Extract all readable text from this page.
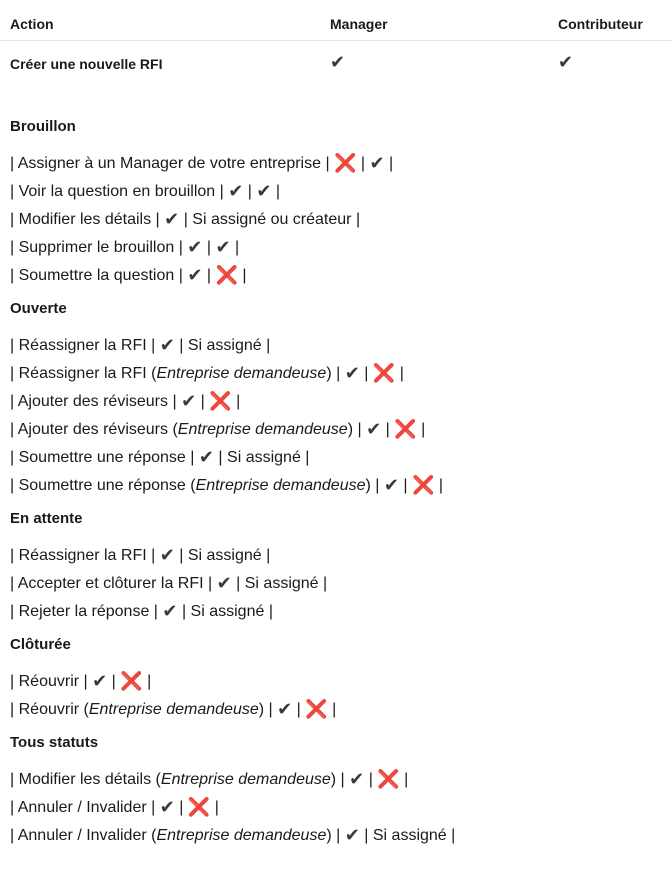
Action	Manager	Contributeur
Créer une nouvelle RFI	✔	✔
Brouillon
| Assigner à un Manager de votre entreprise | ❌ | ✔ |
| Voir la question en brouillon | ✔ | ✔ |
| Modifier les détails | ✔ | Si assigné ou créateur |
| Supprimer le brouillon | ✔ | ✔ |
| Soumettre la question | ✔ | ❌ |
Ouverte
| Réassigner la RFI | ✔ | Si assigné |
| Réassigner la RFI (Entreprise demandeuse) | ✔ | ❌ |
| Ajouter des réviseurs | ✔ | ❌ |
| Ajouter des réviseurs (Entreprise demandeuse) | ✔ | ❌ |
| Soumettre une réponse | ✔ | Si assigné |
| Soumettre une réponse (Entreprise demandeuse) | ✔ | ❌ |
En attente
| Réassigner la RFI | ✔ | Si assigné |
| Accepter et clôturer la RFI | ✔ | Si assigné |
| Rejeter la réponse | ✔ | Si assigné |
Clôturée
| Réouvrir | ✔ | ❌ |
| Réouvrir (Entreprise demandeuse) | ✔ | ❌ |
Tous statuts
| Modifier les détails (Entreprise demandeuse) | ✔ | ❌ |
| Annuler / Invalider | ✔ | ❌ |
| Annuler / Invalider (Entreprise demandeuse) | ✔ | Si assigné |
